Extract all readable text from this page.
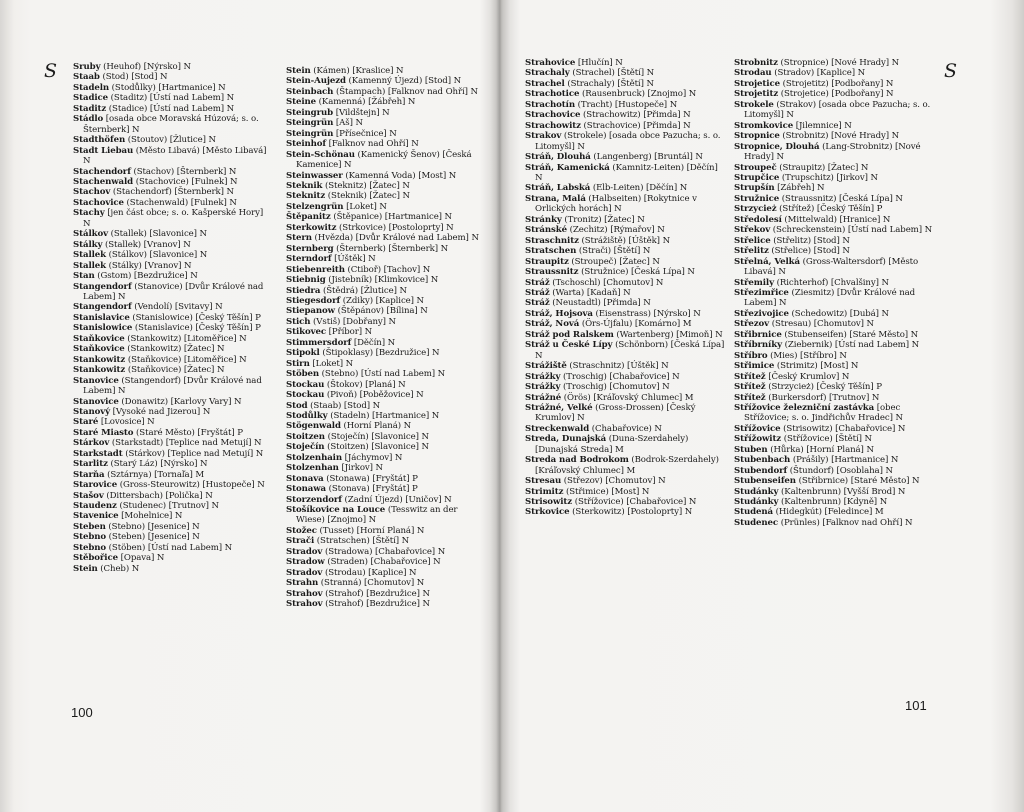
S Sruby (Heuhof) [Nýrsko] N

Staab (Stod) [Stod] N

Stadeln (Stodůlky) [Hartmanice] N

Stadice (Staditz) [Ústí nad Labem] N

Staditz (Stadice) [Ústí nad Labem] N

Stádlo [osada obce Moravská Húzová; s. o. Šternberk] N

Stadthöfen (Stoutov) [Žlutice] N

Stadt Liebau (Město Libavá) [Město Libavá] N

Stachendorf (Stachov) [Šternberk] N

Stachenwald (Stachovice) [Fulnek] N

Stachov (Stachendorf) [Šternberk] N

Stachovice (Stachenwald) [Fulnek] N

Stachy [jen část obce; s. o. Kašperské Hory] N

Stálkov (Stallek) [Slavonice] N

Stálky (Stallek) [Vranov] N

Stallek (Stálkov) [Slavonice] N

Stallek (Stálky) [Vranov] N

Stan (Gstom) [Bezdružice] N

Stangendorf (Stanovice) [Dvůr Králové nad Labem] N

Stangendorf (Vendolí) [Svitavy] N

Stanislavice (Stanislowice) [Český Těšín] P

Stanislowice (Stanislavice) [Český Těšín] P

Staňkovice (Stankowitz) [Litoměřice] N

Staňkovice (Stankowitz) [Žatec] N

Stankowitz (Staňkovice) [Litoměřice] N

Stankowitz (Staňkovice) [Žatec] N

Stanovice (Stangendorf) [Dvůr Králové nad Labem] N

Stanovice (Donawitz) [Karlovy Vary] N

Stanový [Vysoké nad Jizerou] N

Staré [Lovosice] N

Staré Miasto (Staré Město) [Fryštát] P

Stárkov (Starkstadt) [Teplice nad Metují] N

Starkstadt (Stárkov) [Teplice nad Metují] N

Starlitz (Starý Láz) [Nýrsko] N

Starňa (Sztárnya) [Tornaľa] M

Starovice (Gross-Steurowitz) [Hustopeče] N

Stašov (Dittersbach) [Polička] N

Staudenz (Studenec) [Trutnov] N

Stavenice [Mohelnice] N

Steben (Stebno) [Jesenice] N

Stebno (Steben) [Jesenice] N

Stebno (Stöben) [Ústí nad Labem] N

Stěbořice [Opava] N

Stein (Cheb) N

Stein (Kámen) [Kraslice] N

Stein-Aujezd (Kamenný Újezd) [Stod] N

Steinbach (Štampach) [Falknov nad Ohří] N

Steine (Kamenná) [Žábřeh] N

Steingrub [Vildštejn] N

Steingrün [Aš] N

Steingrün [Přísečnice] N

Steinhof [Falknov nad Ohří] N

Stein-Schönau (Kamenický Šenov) [Česká Kamenice] N

Steinwasser (Kamenná Voda) [Most] N

Steknik (Steknitz) [Žatec] N

Steknitz (Steknik) [Žatec] N

Stelzengrün [Loket] N

Štěpanitz (Štěpanice) [Hartmanice] N

Sterkowitz (Strkovice) [Postoloprty] N

Stern (Hvězda) [Dvůr Králové nad Labem] N

Sternberg (Šternberk) [Šternberk] N

Sterndorf [Úštěk] N

Stiebenreith (Ctiboř) [Tachov] N

Stiebnig (Jistebník) [Klimkovice] N

Stiedra (Štědrá) [Žlutice] N

Stiegesdorf (Zdiky) [Kaplice] N

Stiepanow (Štěpánov) [Bílina] N

Stich (Vstiš) [Dobřany] N

Stikovec [Příbor] N

Stimmersdorf [Děčín] N

Stipokl (Štipoklasy) [Bezdružice] N

Stirn [Loket] N

Stöben (Stebno) [Ústí nad Labem] N

Stockau (Štokov) [Planá] N

Stockau (Pivoň) [Poběžovice] N

Stod (Staab) [Stod] N

Stodůlky (Stadeln) [Hartmanice] N

Stögenwald (Horní Planá) N

Stoitzen (Stoječín) [Slavonice] N

Stoječín (Stoitzen) [Slavonice] N

Stolzenhain [Jáchymov] N

Stolzenhan [Jirkov] N

Stonava (Stonawa) [Fryštát] P

Stonawa (Stonava) [Fryštát] P

Storzendorf (Zadní Újezd) [Uničov] N

Stošíkovice na Louce (Tesswitz an der Wiese) [Znojmo] N

Stožec (Tusset) [Horní Planá] N

Strači (Stratschen) [Štětí] N

Stradov (Stradowa) [Chabařovice] N

Stradow (Straden) [Chabařovice] N

Stradov (Strodau) [Kaplice] N

Strahn (Stranná) [Chomutov] N

Strahov (Strahof) [Bezdružice] N

Strahov (Strahof) [Bezdružice] N

100
S

Strahovice [Hlučín] N

Strachaly (Strachel) [Štětí] N

Strachel (Strachaly) [Štětí] N

Strachotice (Rausenbruck) [Znojmo] N

Strachotín (Tracht) [Hustopeče] N

Strachovice (Strachowitz) [Přimda] N

Strachowitz (Strachovice) [Přimda] N

Strakov (Strokele) [osada obce Pazucha; s. o. Litomyšl] N

Stráň, Dlouhá (Langenberg) [Bruntál] N

Stráň, Kamenická (Kamnitz-Leiten) [Děčín] N

Stráň, Labská (Elb-Leiten) [Děčín] N

Strana, Malá (Halbseiten) [Rokytnice v Orlických horách] N

Stránky (Tronitz) [Žatec] N

Stránské (Zechitz) [Rýmařov] N

Straschnitz (Strážiště) [Úštěk] N

Stratschen (Strači) [Štětí] N

Straupitz (Stroupeč) [Žatec] N

Straussnitz (Stružnice) [Česká Lípa] N

Stráž (Tschoschl) [Chomutov] N

Stráž (Warta) [Kadaň] N

Stráž (Neustadtl) [Přimda] N

Stráž, Hojsova (Eisenstrass) [Nýrsko] N

Stráž, Nová (Örs-Újfalu) [Komárno] M

Stráž pod Ralskem (Wartenberg) [Mimoň] N

Stráž u České Lípy (Schönborn) [Česká Lípa] N

Strážiště (Straschnitz) [Úštěk] N

Strážky (Troschig) [Chabařovice] N

Strážky (Troschig) [Chomutov] N

Strážné (Örös) [Kráľovský Chlumec] M

Strážné, Velké (Gross-Drossen) [Český Krumlov] N

Streckenwald (Chabařovice) N

Streda, Dunajská (Duna-Szerdahely) [Dunajská Streda] M

Streda nad Bodrokom (Bodrok-Szerdahely) [Kráľovský Chlumec] M

Stresau (Střezov) [Chomutov] N

Strimitz (Střimice) [Most] N

Strisowitz (Střížovice) [Chabařovice] N

Strkovice (Sterkowitz) [Postoloprty] N

Strobnitz (Stropnice) [Nové Hrady] N

Strodau (Stradov) [Kaplice] N

Strojetice (Strojetitz) [Podbořany] N

Strojetitz (Strojetice) [Podbořany] N

Strokele (Strakov) [osada obce Pazucha; s. o. Litomyšl] N

Stromkovice [Jilemnice] N

Stropnice (Strobnitz) [Nové Hrady] N

Stropnice, Dlouhá (Lang-Strobnitz) [Nové Hrady] N

Stroupeč (Straupitz) [Žatec] N

Strupčice (Trupschitz) [Jirkov] N

Strupšín [Zábřeh] N

Stružnice (Straussnitz) [Česká Lípa] N

Strzycież (Střítež) [Český Těšín] P

Středolesí (Mittelwald) [Hranice] N

Střekov (Schreckenstein) [Ústí nad Labem] N

Střelice (Střelitz) [Stod] N

Střelitz (Střelice) [Stod] N

Střelná, Velká (Gross-Waltersdorf) [Město Libavá] N

Střemily (Richterhof) [Chvalšiny] N

Střezimřice (Ziesmitz) [Dvůr Králové nad Labem] N

Střezivojice (Schedowitz) [Dubá] N

Střezov (Stresau) [Chomutov] N

Střibrnice (Stubenseifen) [Staré Město] N

Stříbrníky (Ziebernik) [Ústí nad Labem] N

Stříbro (Mies) [Stříbro] N

Střimice (Strimitz) [Most] N

Střítež [Český Krumlov] N

Střítež (Strzycież) [Český Těšín] P

Střítež (Burkersdorf) [Trutnov] N

Střížovice železniční zastávka [obec Střížovice; s. o. Jindřichův Hradec] N

Střížovice (Strisowitz) [Chabařovice] N

Střížowitz (Střížovice) [Štětí] N

Stuben (Hůrka) [Horní Planá] N

Stubenbach (Prášily) [Hartmanice] N

Stubendorf (Štundorf) [Osoblaha] N

Stubenseifen (Střibrnice) [Staré Město] N

Studánky (Kaltenbrunn) [Vyšší Brod] N

Studánky (Kaltenbrunn) [Kdyně] N

Studená (Hidegkút) [Feledince] M

Studenec (Prünles) [Falknov nad Ohří] N

101
